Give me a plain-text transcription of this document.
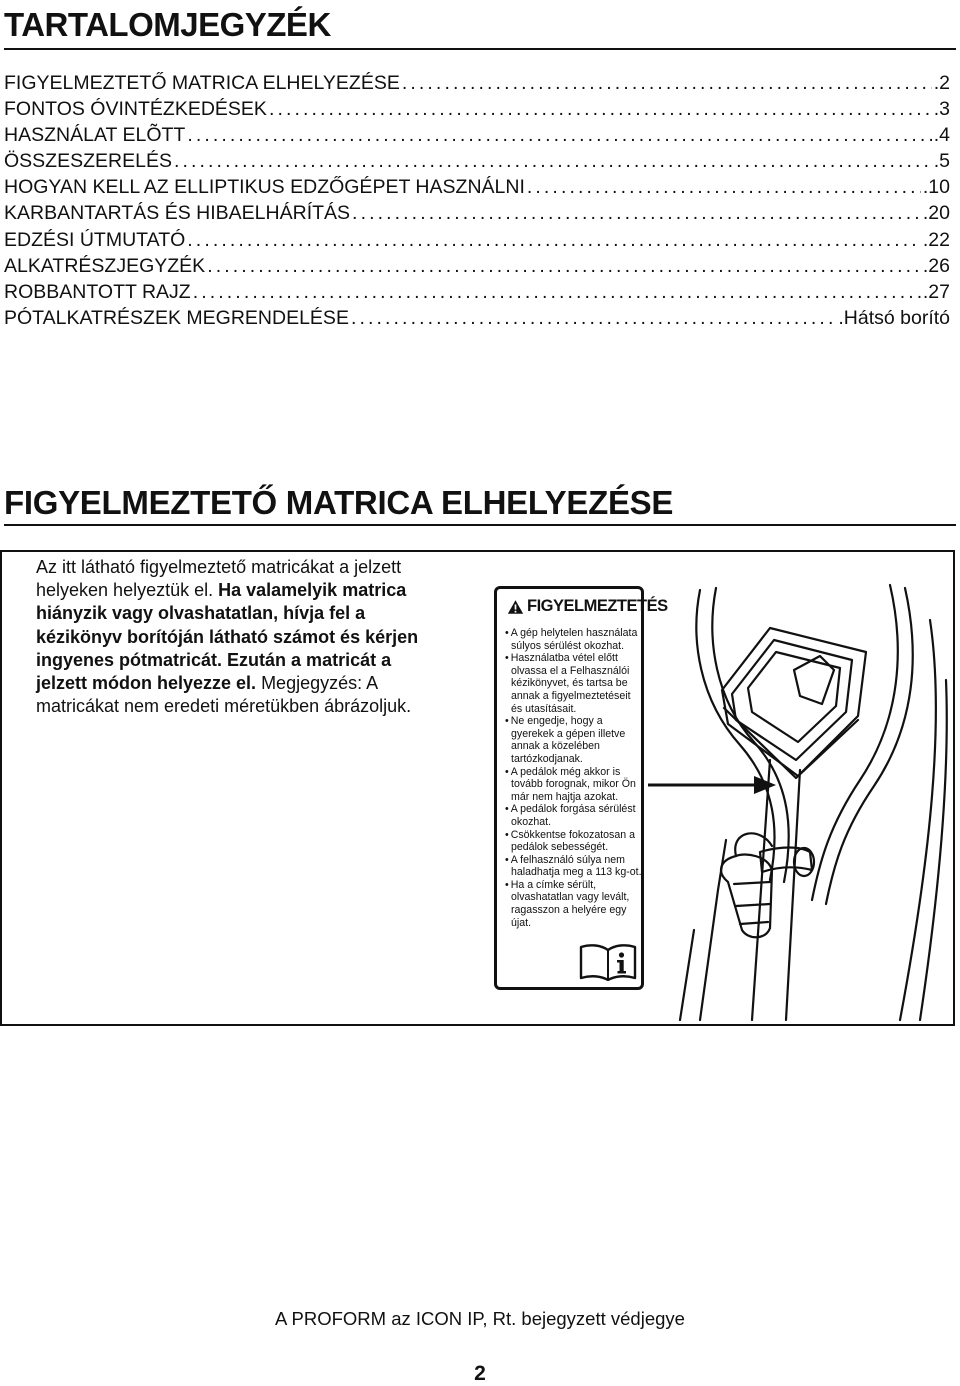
TARTALOMJEGYZÉK
FIGYELMEZTETŐ MATRICA ELHELYEZÉSE .....	.2
FONTOS ÓVINTÉZKEDÉSEK .....	.3
HASZNÁLAT ELÕTT .....	.4
ÖSSZESZERELÉS .....	.5
HOGYAN KELL AZ ELLIPTIKUS EDZŐGÉPET HASZNÁLNI .....	.10
KARBANTARTÁS ÉS HIBAELHÁRÍTÁS .....	.20
EDZÉSI ÚTMUTATÓ .....	.22
ALKATRÉSZJEGYZÉK .....	.26
ROBBANTOTT RAJZ .....	.27
PÓTALKATRÉSZEK MEGRENDELÉSE .....	.Hátsó borító
FIGYELMEZTETŐ MATRICA ELHELYEZÉSE
Az itt látható figyelmeztető matricákat a jelzett helyeken helyeztük el. Ha valamelyik matrica hiányzik vagy olvashatatlan, hívja fel a kézikönyv borítóján látható számot és kérjen ingyenes pótmatricát. Ezután a matricát a jelzett módon helyezze el. Megjegyzés: A matricákat nem eredeti méretükben ábrázoljuk.
FIGYELMEZTETÉS
• A gép helytelen használata súlyos sérülést okozhat.
• Használatba vétel előtt olvassa el a Felhasználói kézikönyvet, és tartsa be annak a figyelmeztetéseit és utasításait.
• Ne engedje, hogy a gyerekek a gépen illetve annak a közelében tartózkodjanak.
• A pedálok még akkor is tovább forognak, mikor Ön már nem hajtja azokat.
• A pedálok forgása sérülést okozhat.
• Csökkentse fokozatosan a pedálok sebességét.
• A felhasználó súlya nem haladhatja meg a 113 kg-ot.
• Ha a címke sérült, olvashatatlan vagy levált, ragasszon a helyére egy újat.
A PROFORM az ICON IP, Rt. bejegyzett védjegye
2
